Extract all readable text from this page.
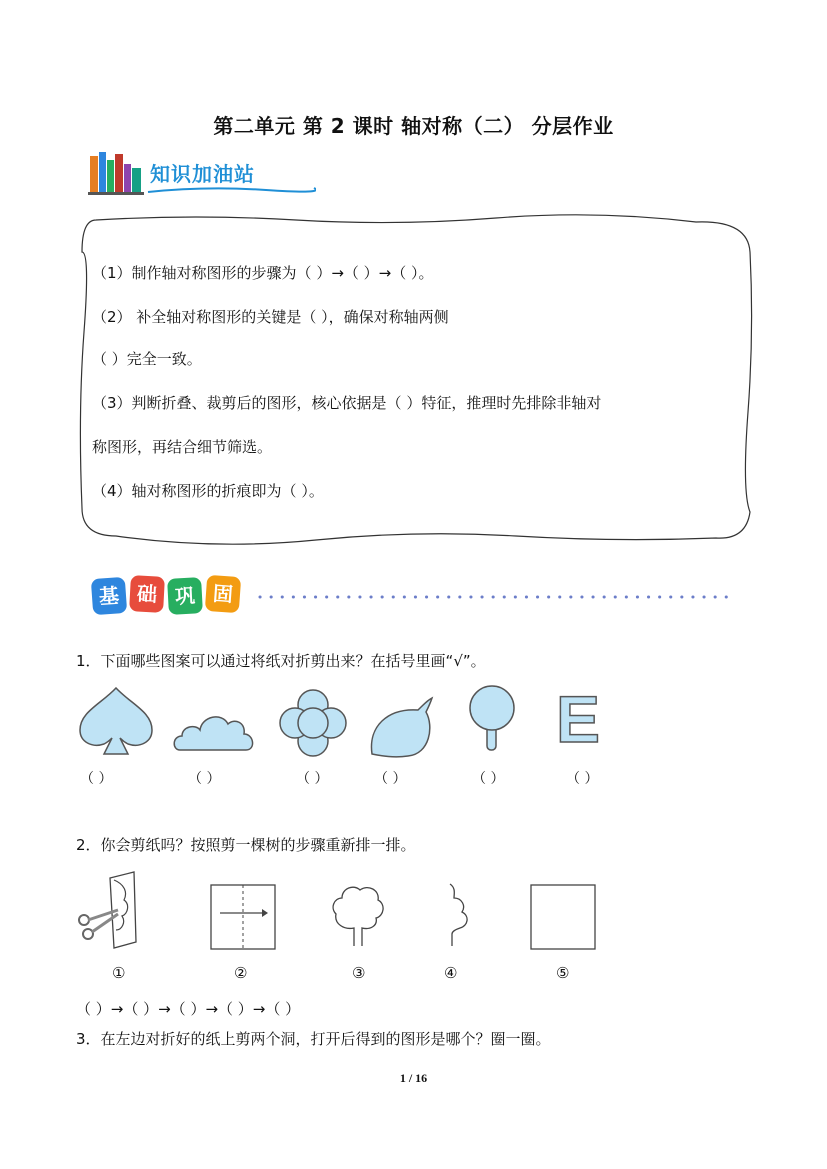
第二单元 第 2 课时 轴对称（二） 分层作业
知识加油站
（1）制作轴对称图形的步骤为（ ）→（ ）→（ ）。
（2） 补全轴对称图形的关键是（ ），确保对称轴两侧
（ ）完全一致。
（3）判断折叠、裁剪后的图形，核心依据是（ ）特征，推理时先排除非轴对
称图形，再结合细节筛选。
（4）轴对称图形的折痕即为（ ）。
基 础 巩 固
1．下面哪些图案可以通过将纸对折剪出来？在括号里画“√”。
E
（ ）	（ ）	（ ）	（ ）	（ ）	（ ）
2．你会剪纸吗？按照剪一棵树的步骤重新排一排。
①	②	③	④	⑤
（ ）→（ ）→（ ）→（ ）→（ ）
3．在左边对折好的纸上剪两个洞，打开后得到的图形是哪个？圈一圈。
1 / 16
